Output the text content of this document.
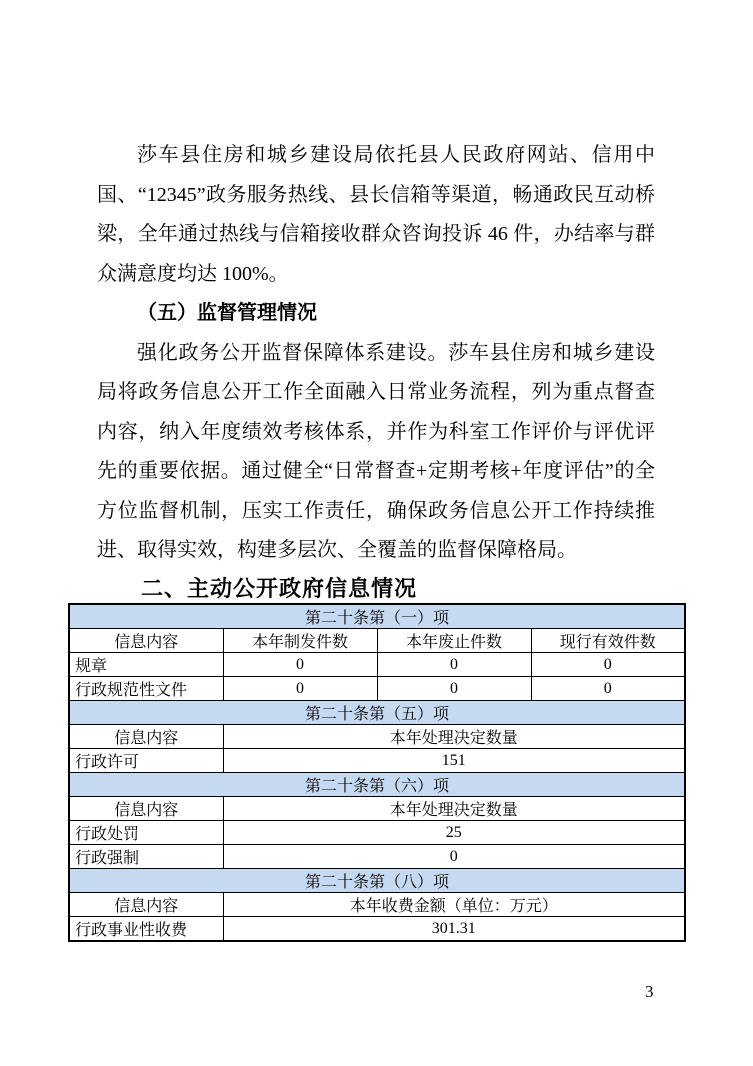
莎车县住房和城乡建设局依托县人民政府网站、信用中国、“12345”政务服务热线、县长信箱等渠道，畅通政民互动桥梁，全年通过热线与信箱接收群众咨询投诉 46 件，办结率与群众满意度均达 100%。

（五）监督管理情况

强化政务公开监督保障体系建设。莎车县住房和城乡建设局将政务信息公开工作全面融入日常业务流程，列为重点督查内容，纳入年度绩效考核体系，并作为科室工作评价与评优评先的重要依据。通过健全“日常督查+定期考核+年度评估”的全方位监督机制，压实工作责任，确保政务信息公开工作持续推进、取得实效，构建多层次、全覆盖的监督保障格局。

二、主动公开政府信息情况

第二十条第（一）项			
信息内容	本年制发件数	本年废止件数	现行有效件数
规章	0	0	0
行政规范性文件	0	0	0
第二十条第（五）项			
信息内容	本年处理决定数量		
行政许可	151		
第二十条第（六）项			
信息内容	本年处理决定数量		
行政处罚	25		
行政强制	0		
第二十条第（八）项			
信息内容	本年收费金额（单位：万元）		
行政事业性收费	301.31		
3
